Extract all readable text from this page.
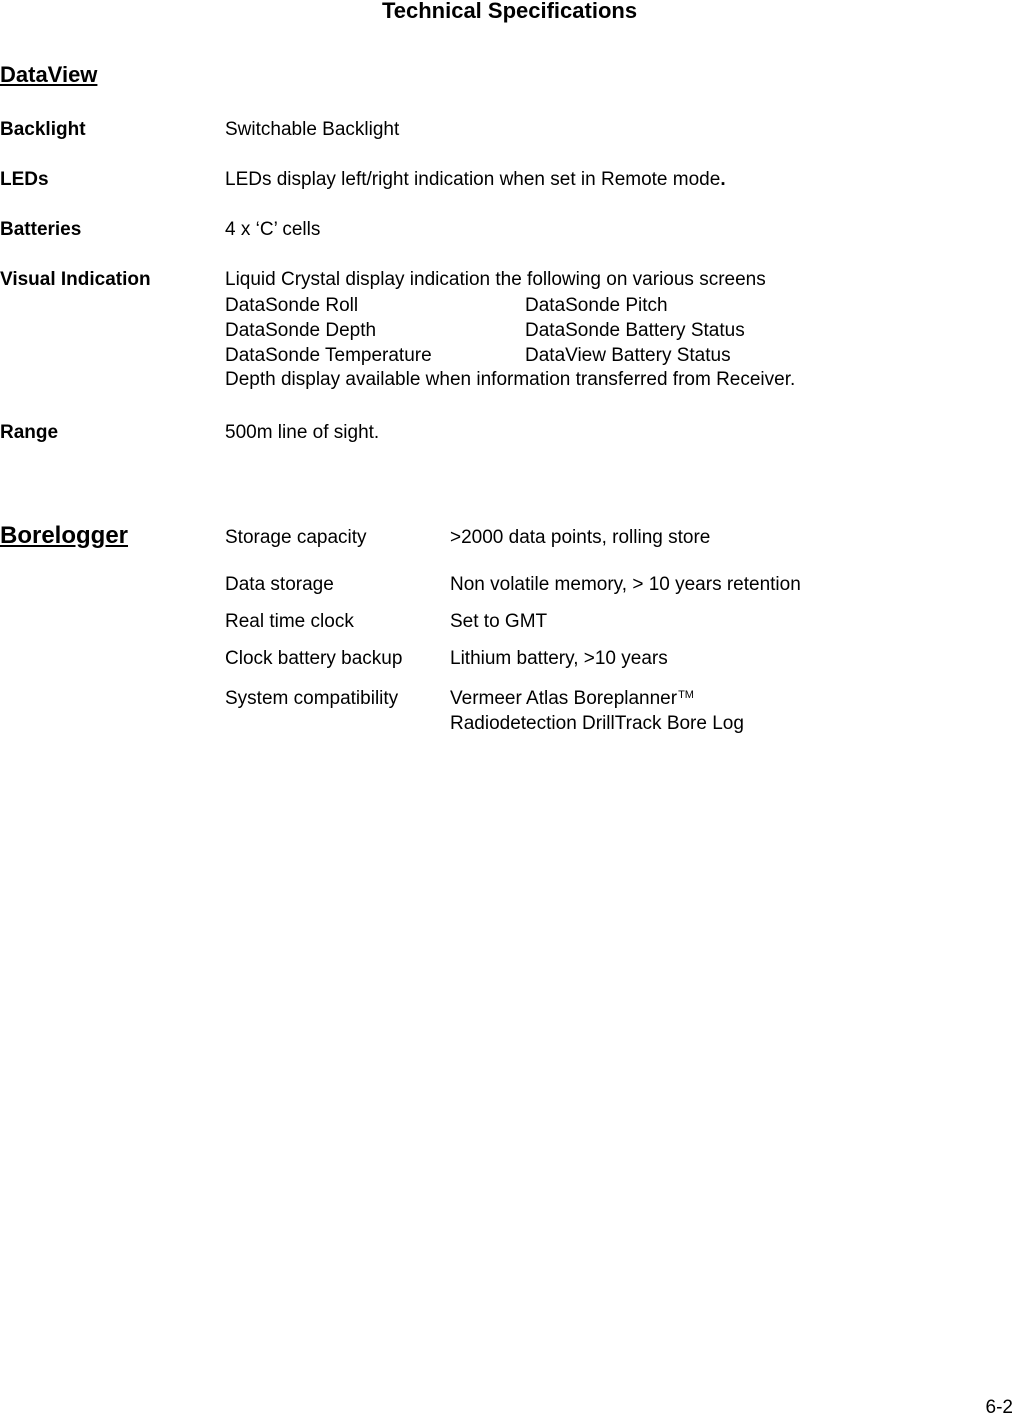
Technical Specifications
DataView
Backlight	Switchable Backlight
LEDs	LEDs display left/right indication when set in Remote mode.
Batteries	4 x ‘C’ cells
Visual Indication	Liquid Crystal display indication the following on various screens
DataSonde Roll	DataSonde Pitch
DataSonde Depth	DataSonde Battery Status
DataSonde Temperature	DataView Battery Status
Depth display available when information transferred from Receiver.
Range	500m line of sight.
Borelogger	Storage capacity	>2000 data points, rolling store
Data storage	Non volatile memory, > 10 years retention
Real time clock	Set to GMT
Clock battery backup	Lithium battery, >10 years
System compatibility	Vermeer Atlas Boreplanner™
Radiodetection DrillTrack Bore Log
6-2
